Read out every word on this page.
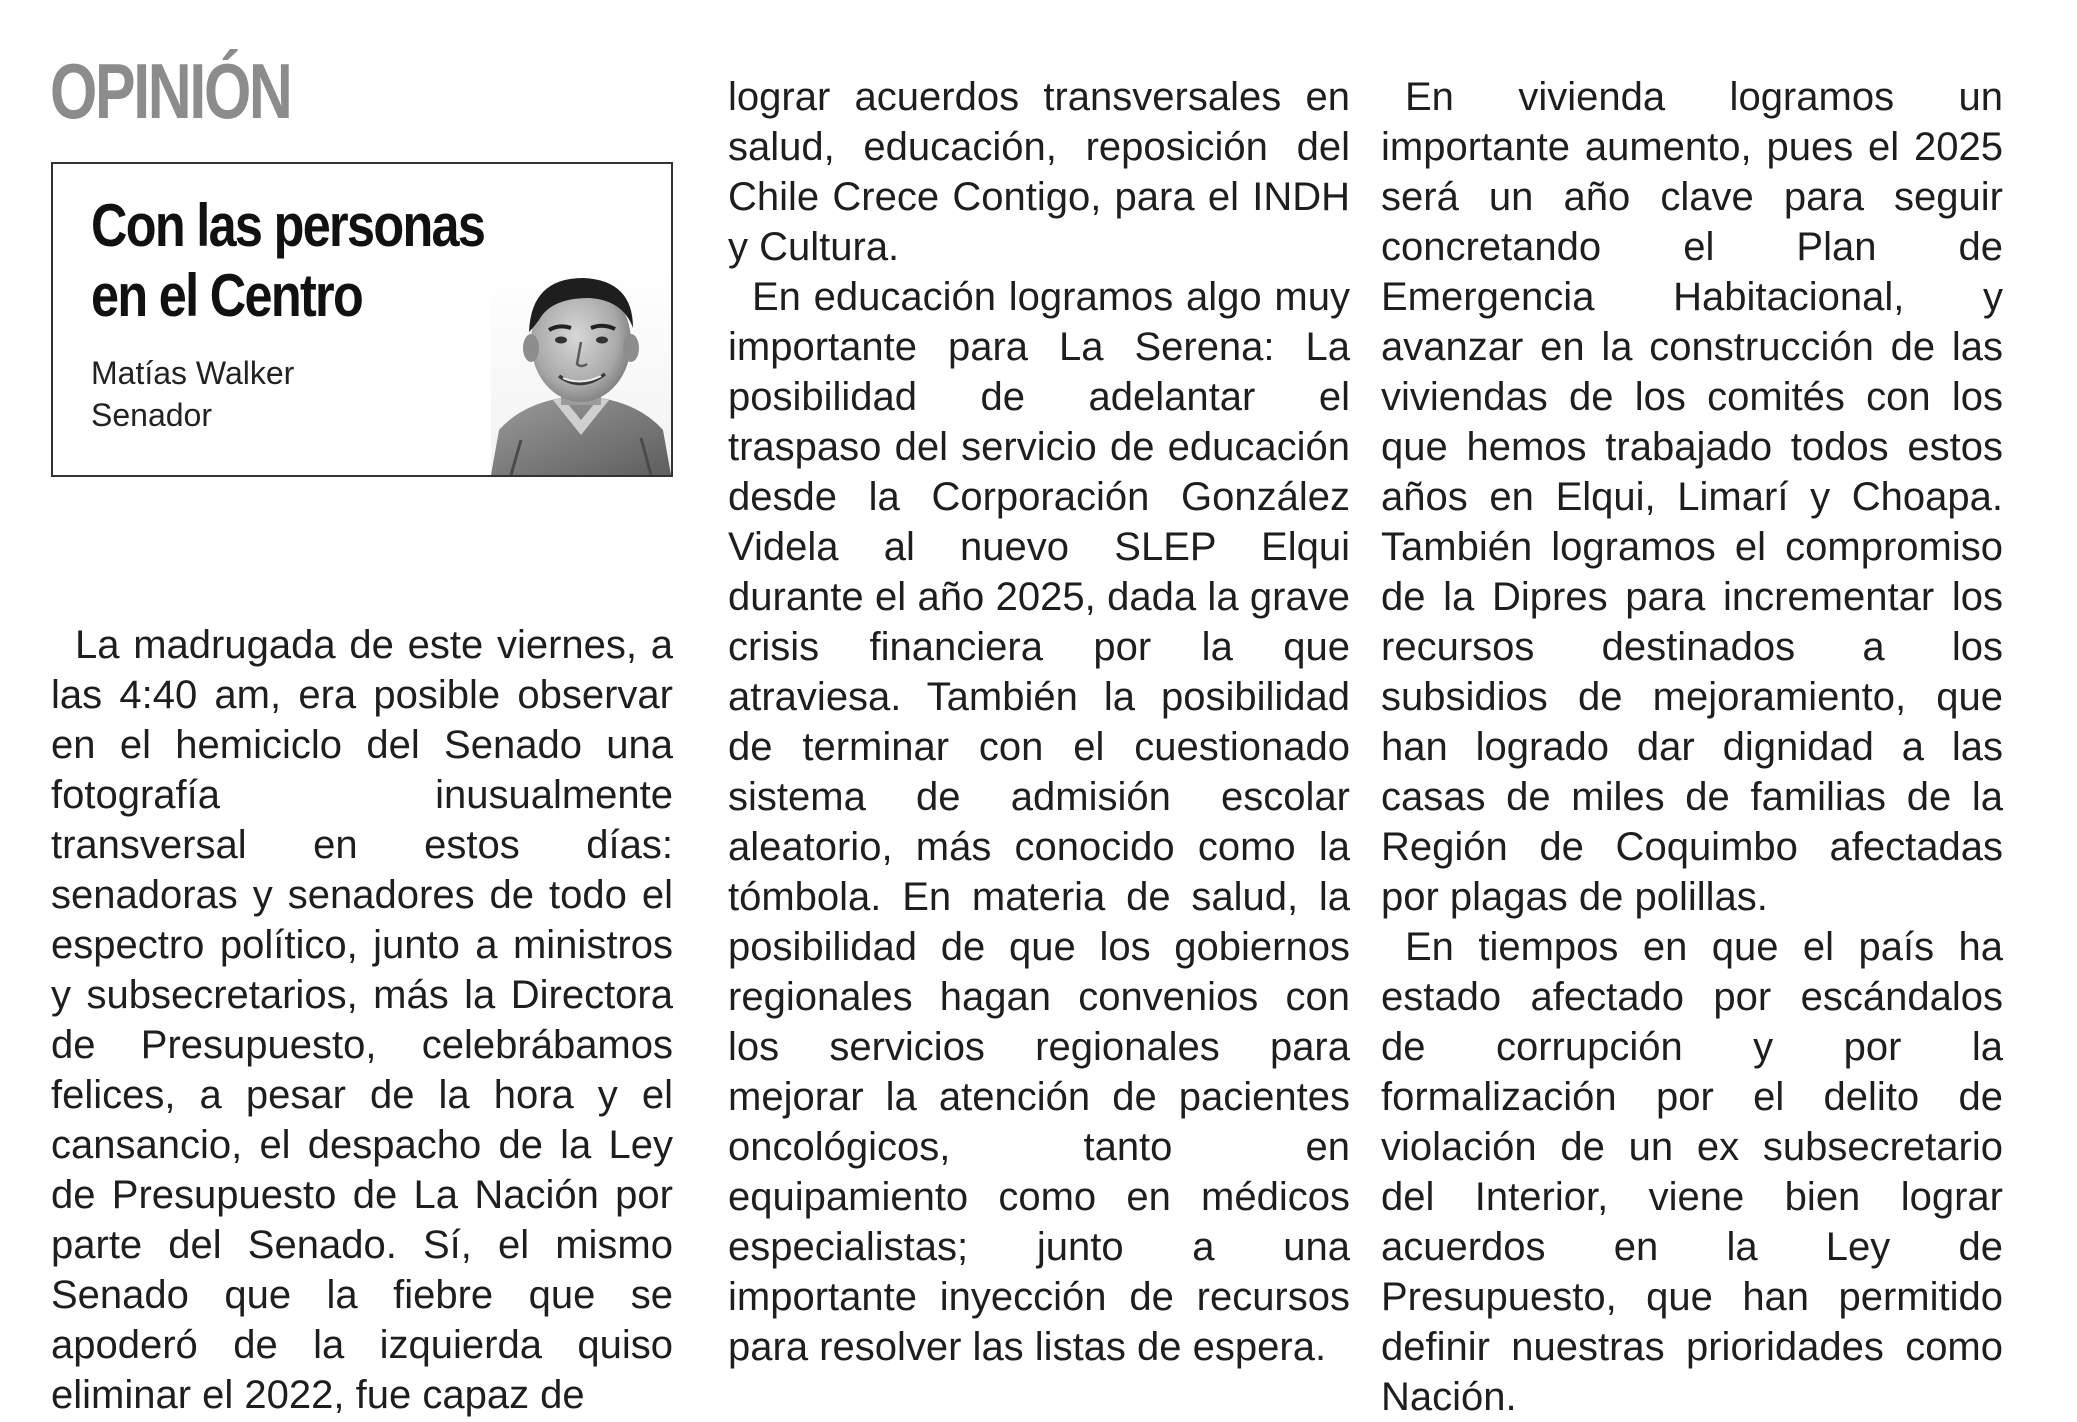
OPINIÓN
Con las personas
en el Centro
Matías Walker
Senador

La madrugada de este viernes, a las 4:40 am, era posible observar en el hemiciclo del Senado una fotografía inusualmente transversal en estos días: senadoras y senadores de todo el espectro político, junto a ministros y subsecretarios, más la Directora de Presupuesto, celebrábamos felices, a pesar de la hora y el cansancio, el despacho de la Ley de Presupuesto de La Nación por parte del Senado. Sí, el mismo Senado que la fiebre que se apoderó de la izquierda quiso eliminar el 2022, fue capaz de

lograr acuerdos transversales en salud, educación, reposición del Chile Crece Contigo, para el INDH y Cultura.

En educación logramos algo muy importante para La Serena: La posibilidad de adelantar el traspaso del servicio de educación desde la Corporación González Videla al nuevo SLEP Elqui durante el año 2025, dada la grave crisis financiera por la que atraviesa. También la posibilidad de terminar con el cuestionado sistema de admisión escolar aleatorio, más conocido como la tómbola. En materia de salud, la posibilidad de que los gobiernos regionales hagan convenios con los servicios regionales para mejorar la atención de pacientes oncológicos, tanto en equipamiento como en médicos especialistas; junto a una importante inyección de recursos para resolver las listas de espera.

En vivienda logramos un importante aumento, pues el 2025 será un año clave para seguir concretando el Plan de Emergencia Habitacional, y avanzar en la construcción de las viviendas de los comités con los que hemos trabajado todos estos años en Elqui, Limarí y Choapa. También logramos el compromiso de la Dipres para incrementar los recursos destinados a los subsidios de mejoramiento, que han logrado dar dignidad a las casas de miles de familias de la Región de Coquimbo afectadas por plagas de polillas.

En tiempos en que el país ha estado afectado por escándalos de corrupción y por la formalización por el delito de violación de un ex subsecretario del Interior, viene bien lograr acuerdos en la Ley de Presupuesto, que han permitido definir nuestras prioridades como Nación.
